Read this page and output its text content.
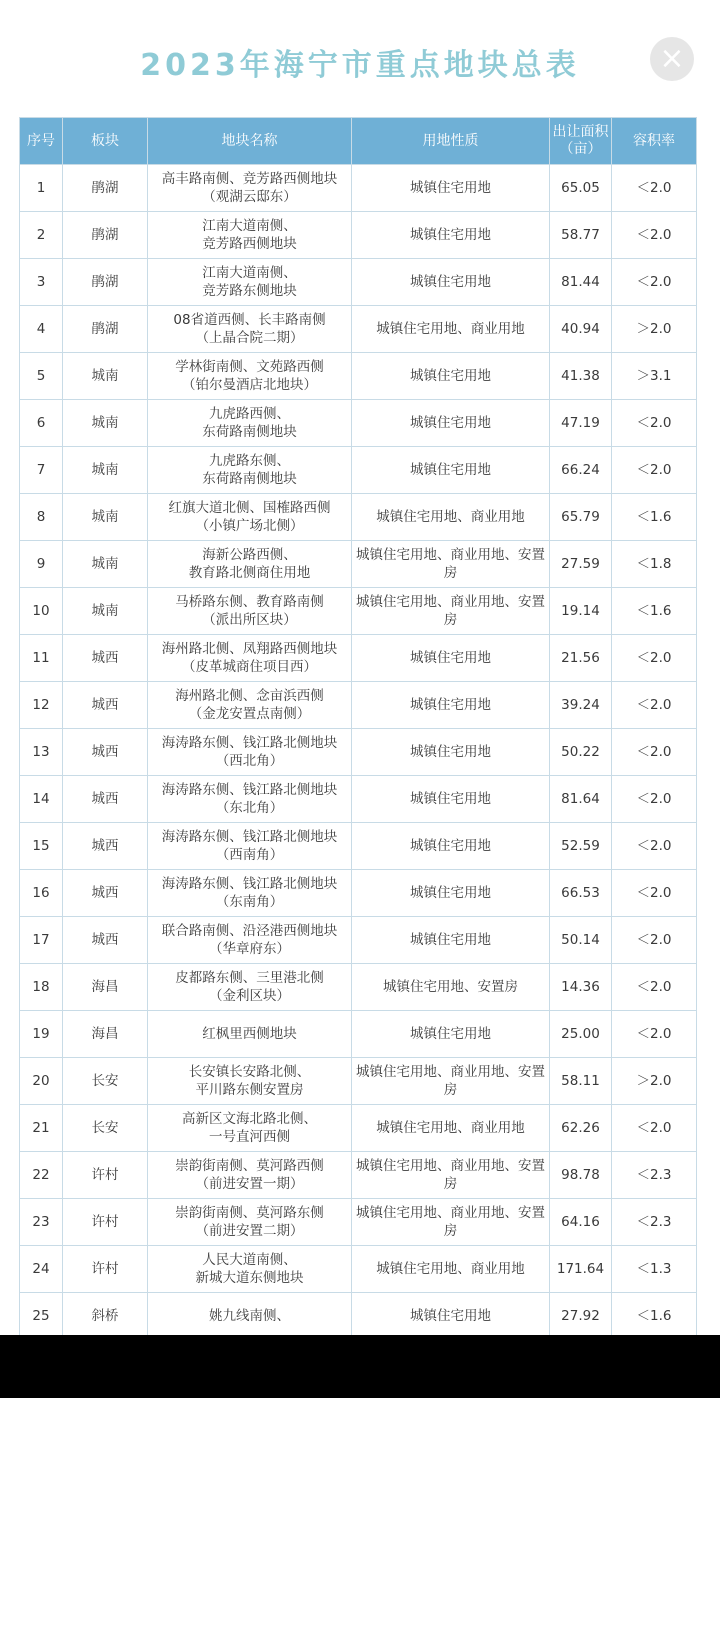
2023年海宁市重点地块总表	×
序号	板块	地块名称	用地性质	出让面积
（亩）	容积率
1	鹃湖	高丰路南侧、竞芳路西侧地块
（观湖云邸东）	城镇住宅用地	65.05	＜2.0
2	鹃湖	江南大道南侧、
竞芳路西侧地块	城镇住宅用地	58.77	＜2.0
3	鹃湖	江南大道南侧、
竞芳路东侧地块	城镇住宅用地	81.44	＜2.0
4	鹃湖	08省道西侧、长丰路南侧
（上晶合院二期）	城镇住宅用地、商业用地	40.94	＞2.0
5	城南	学林街南侧、文苑路西侧
（铂尔曼酒店北地块）	城镇住宅用地	41.38	＞3.1
6	城南	九虎路西侧、
东荷路南侧地块	城镇住宅用地	47.19	＜2.0
7	城南	九虎路东侧、
东荷路南侧地块	城镇住宅用地	66.24	＜2.0
8	城南	红旗大道北侧、国榷路西侧
（小镇广场北侧）	城镇住宅用地、商业用地	65.79	＜1.6
9	城南	海新公路西侧、
教育路北侧商住用地	城镇住宅用地、商业用地、安置房	27.59	＜1.8
10	城南	马桥路东侧、教育路南侧
（派出所区块）	城镇住宅用地、商业用地、安置房	19.14	＜1.6
11	城西	海州路北侧、凤翔路西侧地块
（皮革城商住项目西）	城镇住宅用地	21.56	＜2.0
12	城西	海州路北侧、念亩浜西侧
（金龙安置点南侧）	城镇住宅用地	39.24	＜2.0
13	城西	海涛路东侧、钱江路北侧地块
（西北角）	城镇住宅用地	50.22	＜2.0
14	城西	海涛路东侧、钱江路北侧地块
（东北角）	城镇住宅用地	81.64	＜2.0
15	城西	海涛路东侧、钱江路北侧地块
（西南角）	城镇住宅用地	52.59	＜2.0
16	城西	海涛路东侧、钱江路北侧地块
（东南角）	城镇住宅用地	66.53	＜2.0
17	城西	联合路南侧、沿泾港西侧地块
（华章府东）	城镇住宅用地	50.14	＜2.0
18	海昌	皮都路东侧、三里港北侧
（金利区块）	城镇住宅用地、安置房	14.36	＜2.0
19	海昌	红枫里西侧地块	城镇住宅用地	25.00	＜2.0
20	长安	长安镇长安路北侧、
平川路东侧安置房	城镇住宅用地、商业用地、安置房	58.11	＞2.0
21	长安	高新区文海北路北侧、
一号直河西侧	城镇住宅用地、商业用地	62.26	＜2.0
22	许村	崇韵街南侧、莫河路西侧
（前进安置一期）	城镇住宅用地、商业用地、安置房	98.78	＜2.3
23	许村	崇韵街南侧、莫河路东侧
（前进安置二期）	城镇住宅用地、商业用地、安置房	64.16	＜2.3
24	许村	人民大道南侧、
新城大道东侧地块	城镇住宅用地、商业用地	171.64	＜1.3
25	斜桥	姚九线南侧、	城镇住宅用地	27.92	＜1.6
